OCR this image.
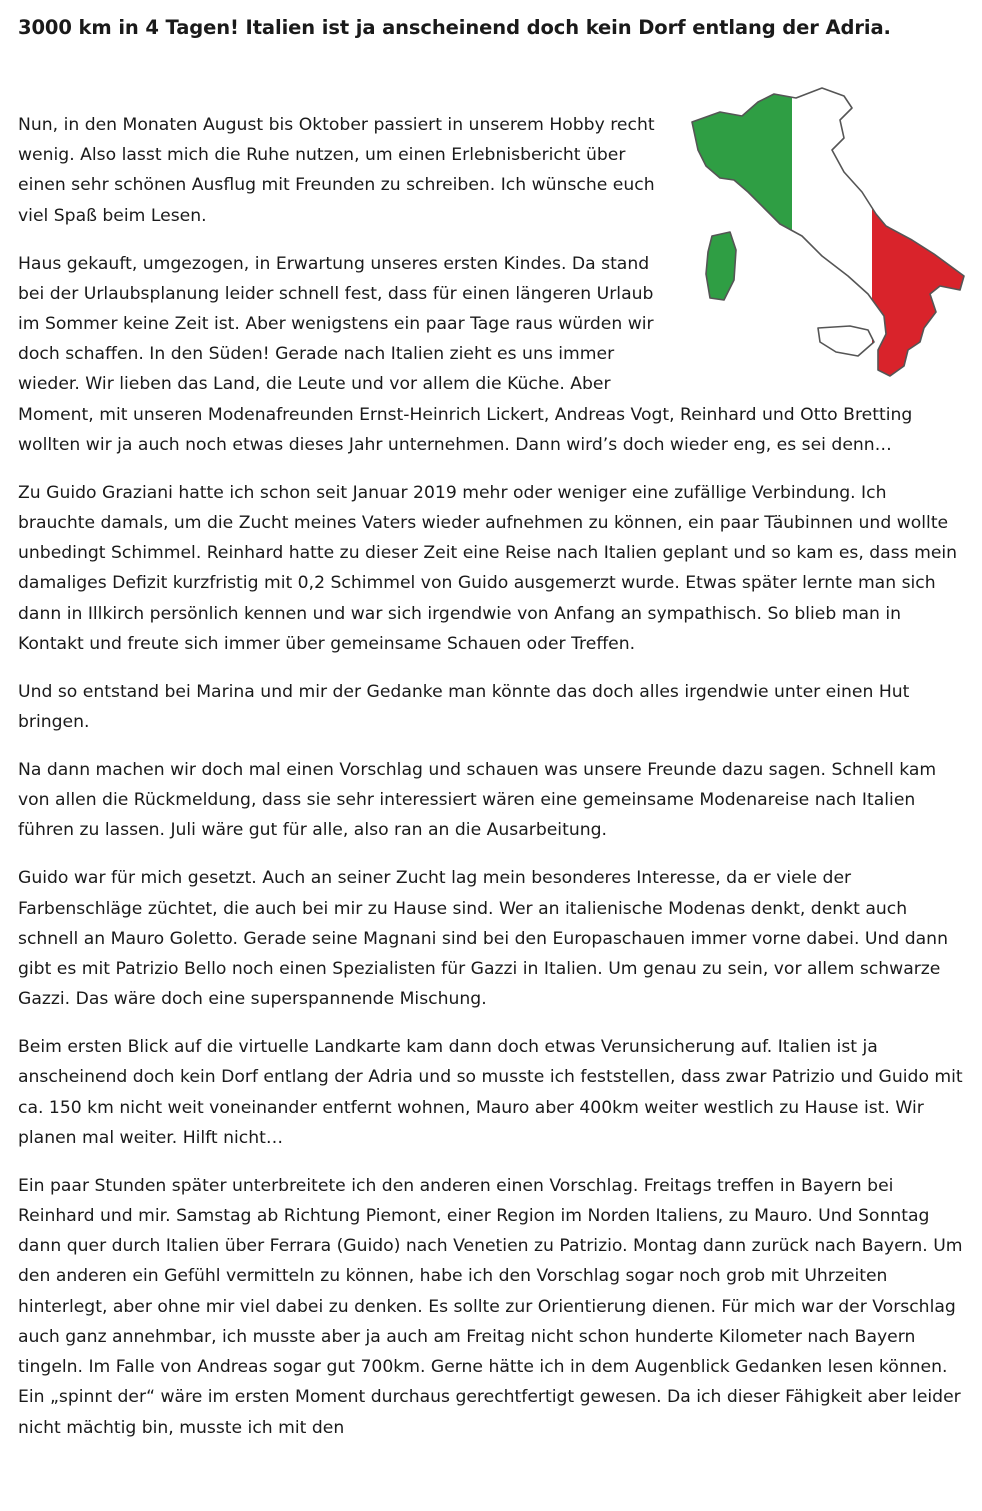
3000 km in 4 Tagen! Italien ist ja anscheinend doch kein Dorf entlang der Adria.

Nun, in den Monaten August bis Oktober passiert in unserem Hobby recht wenig. Also lasst mich die Ruhe nutzen, um einen Erlebnisbericht über einen sehr schönen Ausflug mit Freunden zu schreiben. Ich wünsche euch viel Spaß beim Lesen.

Haus gekauft, umgezogen, in Erwartung unseres ersten Kindes. Da stand bei der Urlaubsplanung leider schnell fest, dass für einen längeren Urlaub im Sommer keine Zeit ist. Aber wenigstens ein paar Tage raus würden wir doch schaffen. In den Süden! Gerade nach Italien zieht es uns immer wieder. Wir lieben das Land, die Leute und vor allem die Küche. Aber Moment, mit unseren Modenafreunden Ernst-Heinrich Lickert, Andreas Vogt, Reinhard und Otto Bretting wollten wir ja auch noch etwas dieses Jahr unternehmen. Dann wird’s doch wieder eng, es sei denn…

Zu Guido Graziani hatte ich schon seit Januar 2019 mehr oder weniger eine zufällige Verbindung. Ich brauchte damals, um die Zucht meines Vaters wieder aufnehmen zu können, ein paar Täubinnen und wollte unbedingt Schimmel. Reinhard hatte zu dieser Zeit eine Reise nach Italien geplant und so kam es, dass mein damaliges Defizit kurzfristig mit 0,2 Schimmel von Guido ausgemerzt wurde. Etwas später lernte man sich dann in Illkirch persönlich kennen und war sich irgendwie von Anfang an sympathisch. So blieb man in Kontakt und freute sich immer über gemeinsame Schauen oder Treffen.

Und so entstand bei Marina und mir der Gedanke man könnte das doch alles irgendwie unter einen Hut bringen.

Na dann machen wir doch mal einen Vorschlag und schauen was unsere Freunde dazu sagen. Schnell kam von allen die Rückmeldung, dass sie sehr interessiert wären eine gemeinsame Modenareise nach Italien führen zu lassen. Juli wäre gut für alle, also ran an die Ausarbeitung.

Guido war für mich gesetzt. Auch an seiner Zucht lag mein besonderes Interesse, da er viele der Farbenschläge züchtet, die auch bei mir zu Hause sind. Wer an italienische Modenas denkt, denkt auch schnell an Mauro Goletto. Gerade seine Magnani sind bei den Europaschauen immer vorne dabei. Und dann gibt es mit Patrizio Bello noch einen Spezialisten für Gazzi in Italien. Um genau zu sein, vor allem schwarze Gazzi. Das wäre doch eine superspannende Mischung.

Beim ersten Blick auf die virtuelle Landkarte kam dann doch etwas Verunsicherung auf. Italien ist ja anscheinend doch kein Dorf entlang der Adria und so musste ich feststellen, dass zwar Patrizio und Guido mit ca. 150 km nicht weit voneinander entfernt wohnen, Mauro aber 400km weiter westlich zu Hause ist. Wir planen mal weiter. Hilft nicht…

Ein paar Stunden später unterbreitete ich den anderen einen Vorschlag. Freitags treffen in Bayern bei Reinhard und mir. Samstag ab Richtung Piemont, einer Region im Norden Italiens, zu Mauro. Und Sonntag dann quer durch Italien über Ferrara (Guido) nach Venetien zu Patrizio. Montag dann zurück nach Bayern. Um den anderen ein Gefühl vermitteln zu können, habe ich den Vorschlag sogar noch grob mit Uhrzeiten hinterlegt, aber ohne mir viel dabei zu denken. Es sollte zur Orientierung dienen. Für mich war der Vorschlag auch ganz annehmbar, ich musste aber ja auch am Freitag nicht schon hunderte Kilometer nach Bayern tingeln. Im Falle von Andreas sogar gut 700km. Gerne hätte ich in dem Augenblick Gedanken lesen können. Ein „spinnt der“ wäre im ersten Moment durchaus gerechtfertigt gewesen. Da ich dieser Fähigkeit aber leider nicht mächtig bin, musste ich mit den
